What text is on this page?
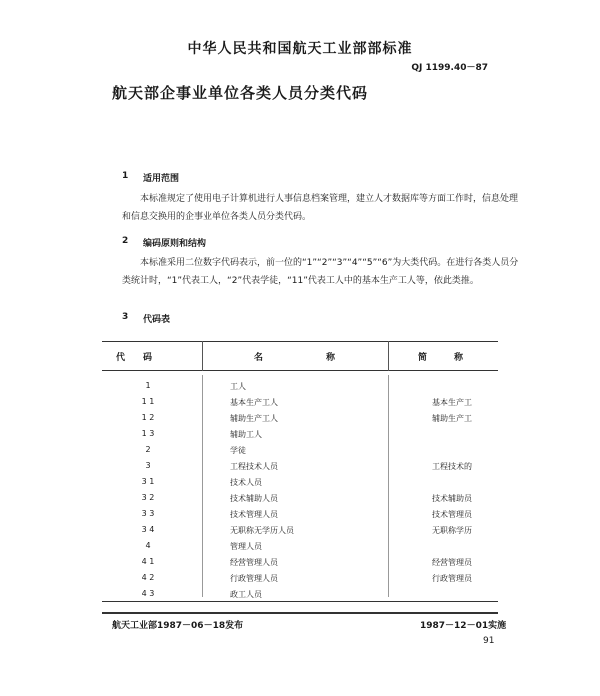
中华人民共和国航天工业部部标准
QJ 1199.40－87
航天部企事业单位各类人员分类代码
1 适用范围
本标准规定了使用电子计算机进行人事信息档案管理，建立人才数据库等方面工作时，信息处理和信息交换用的企事业单位各类人员分类代码。
2 编码原则和结构
本标准采用二位数字代码表示，前一位的“1”“2”“3”“4”“5”“6”为大类代码。在进行各类人员分类统计时，“1”代表工人，“2”代表学徒，“11”代表工人中的基本生产工人等，依此类推。
3 代码表
代　　码	名　　　　　　　称	简　　　称
1	工人
1 1	基本生产工人	基本生产工
1 2	辅助生产工人	辅助生产工
1 3	辅助工人
2	学徒
3	工程技术人员	工程技术的
3 1	技术人员
3 2	技术辅助人员	技术辅助员
3 3	技术管理人员	技术管理员
3 4	无职称无学历人员	无职称学历
4	管理人员
4 1	经营管理人员	经营管理员
4 2	行政管理人员	行政管理员
4 3	政工人员
航天工业部1987－06－18发布	1987－12－01实施
91
